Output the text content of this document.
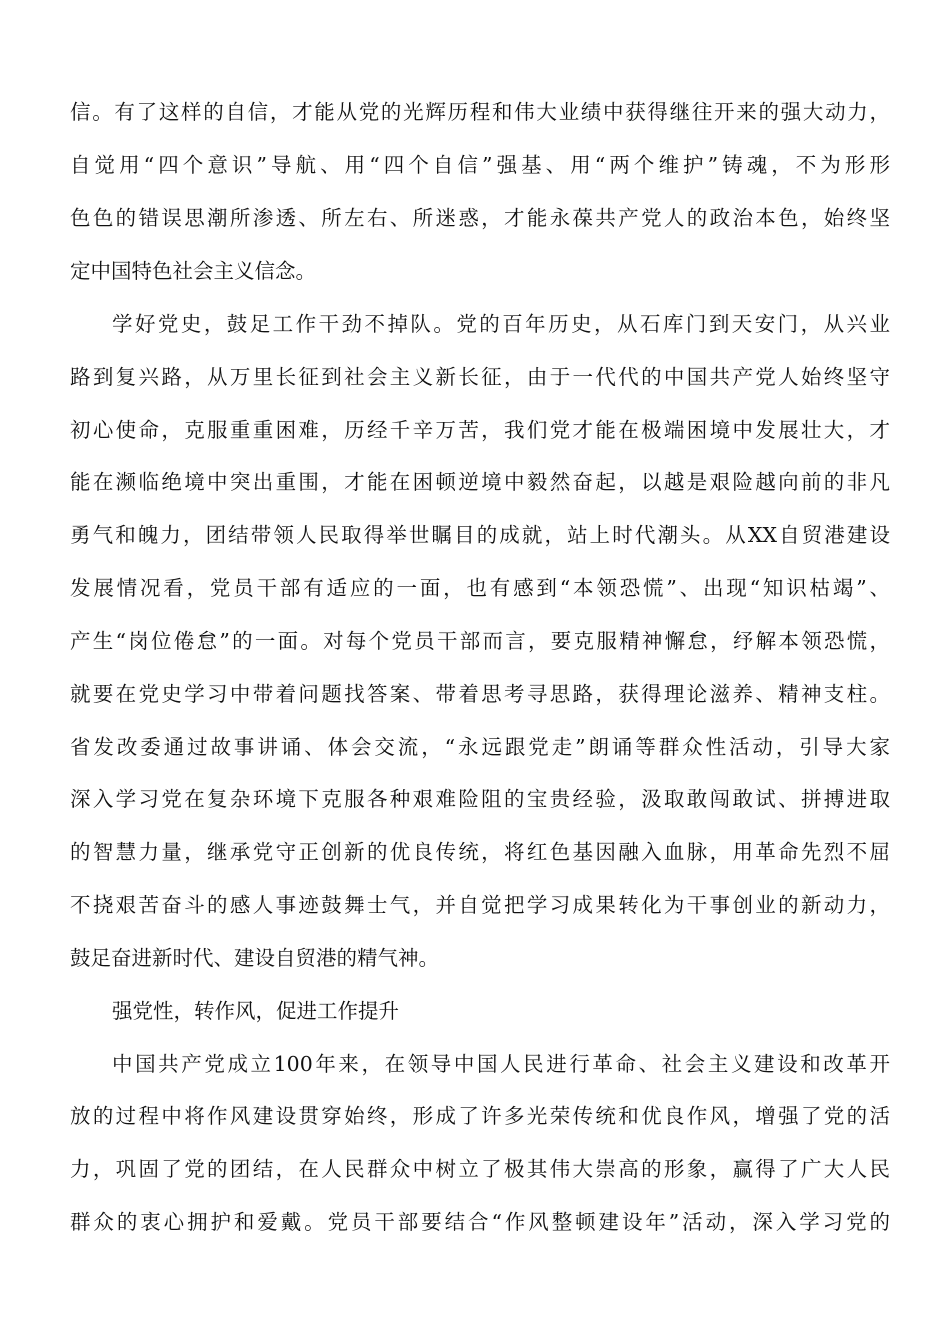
信。有了这样的自信，才能从党的光辉历程和伟大业绩中获得继往开来的强大动力，
自觉用“四个意识”导航、用“四个自信”强基、用“两个维护”铸魂，不为形形
色色的错误思潮所渗透、所左右、所迷惑，才能永葆共产党人的政治本色，始终坚
定中国特色社会主义信念。
学好党史，鼓足工作干劲不掉队。党的百年历史，从石库门到天安门，从兴业
路到复兴路，从万里长征到社会主义新长征，由于一代代的中国共产党人始终坚守
初心使命，克服重重困难，历经千辛万苦，我们党才能在极端困境中发展壮大，才
能在濒临绝境中突出重围，才能在困顿逆境中毅然奋起，以越是艰险越向前的非凡
勇气和魄力，团结带领人民取得举世瞩目的成就，站上时代潮头。从XX自贸港建设
发展情况看，党员干部有适应的一面，也有感到“本领恐慌”、出现“知识枯竭”、
产生“岗位倦怠”的一面。对每个党员干部而言，要克服精神懈怠，纾解本领恐慌，
就要在党史学习中带着问题找答案、带着思考寻思路，获得理论滋养、精神支柱。
省发改委通过故事讲诵、体会交流，“永远跟党走”朗诵等群众性活动，引导大家
深入学习党在复杂环境下克服各种艰难险阻的宝贵经验，汲取敢闯敢试、拼搏进取
的智慧力量，继承党守正创新的优良传统，将红色基因融入血脉，用革命先烈不屈
不挠艰苦奋斗的感人事迹鼓舞士气，并自觉把学习成果转化为干事创业的新动力，
鼓足奋进新时代、建设自贸港的精气神。
强党性，转作风，促进工作提升
中国共产党成立100年来，在领导中国人民进行革命、社会主义建设和改革开
放的过程中将作风建设贯穿始终，形成了许多光荣传统和优良作风，增强了党的活
力，巩固了党的团结，在人民群众中树立了极其伟大崇高的形象，赢得了广大人民
群众的衷心拥护和爱戴。党员干部要结合“作风整顿建设年”活动，深入学习党的
